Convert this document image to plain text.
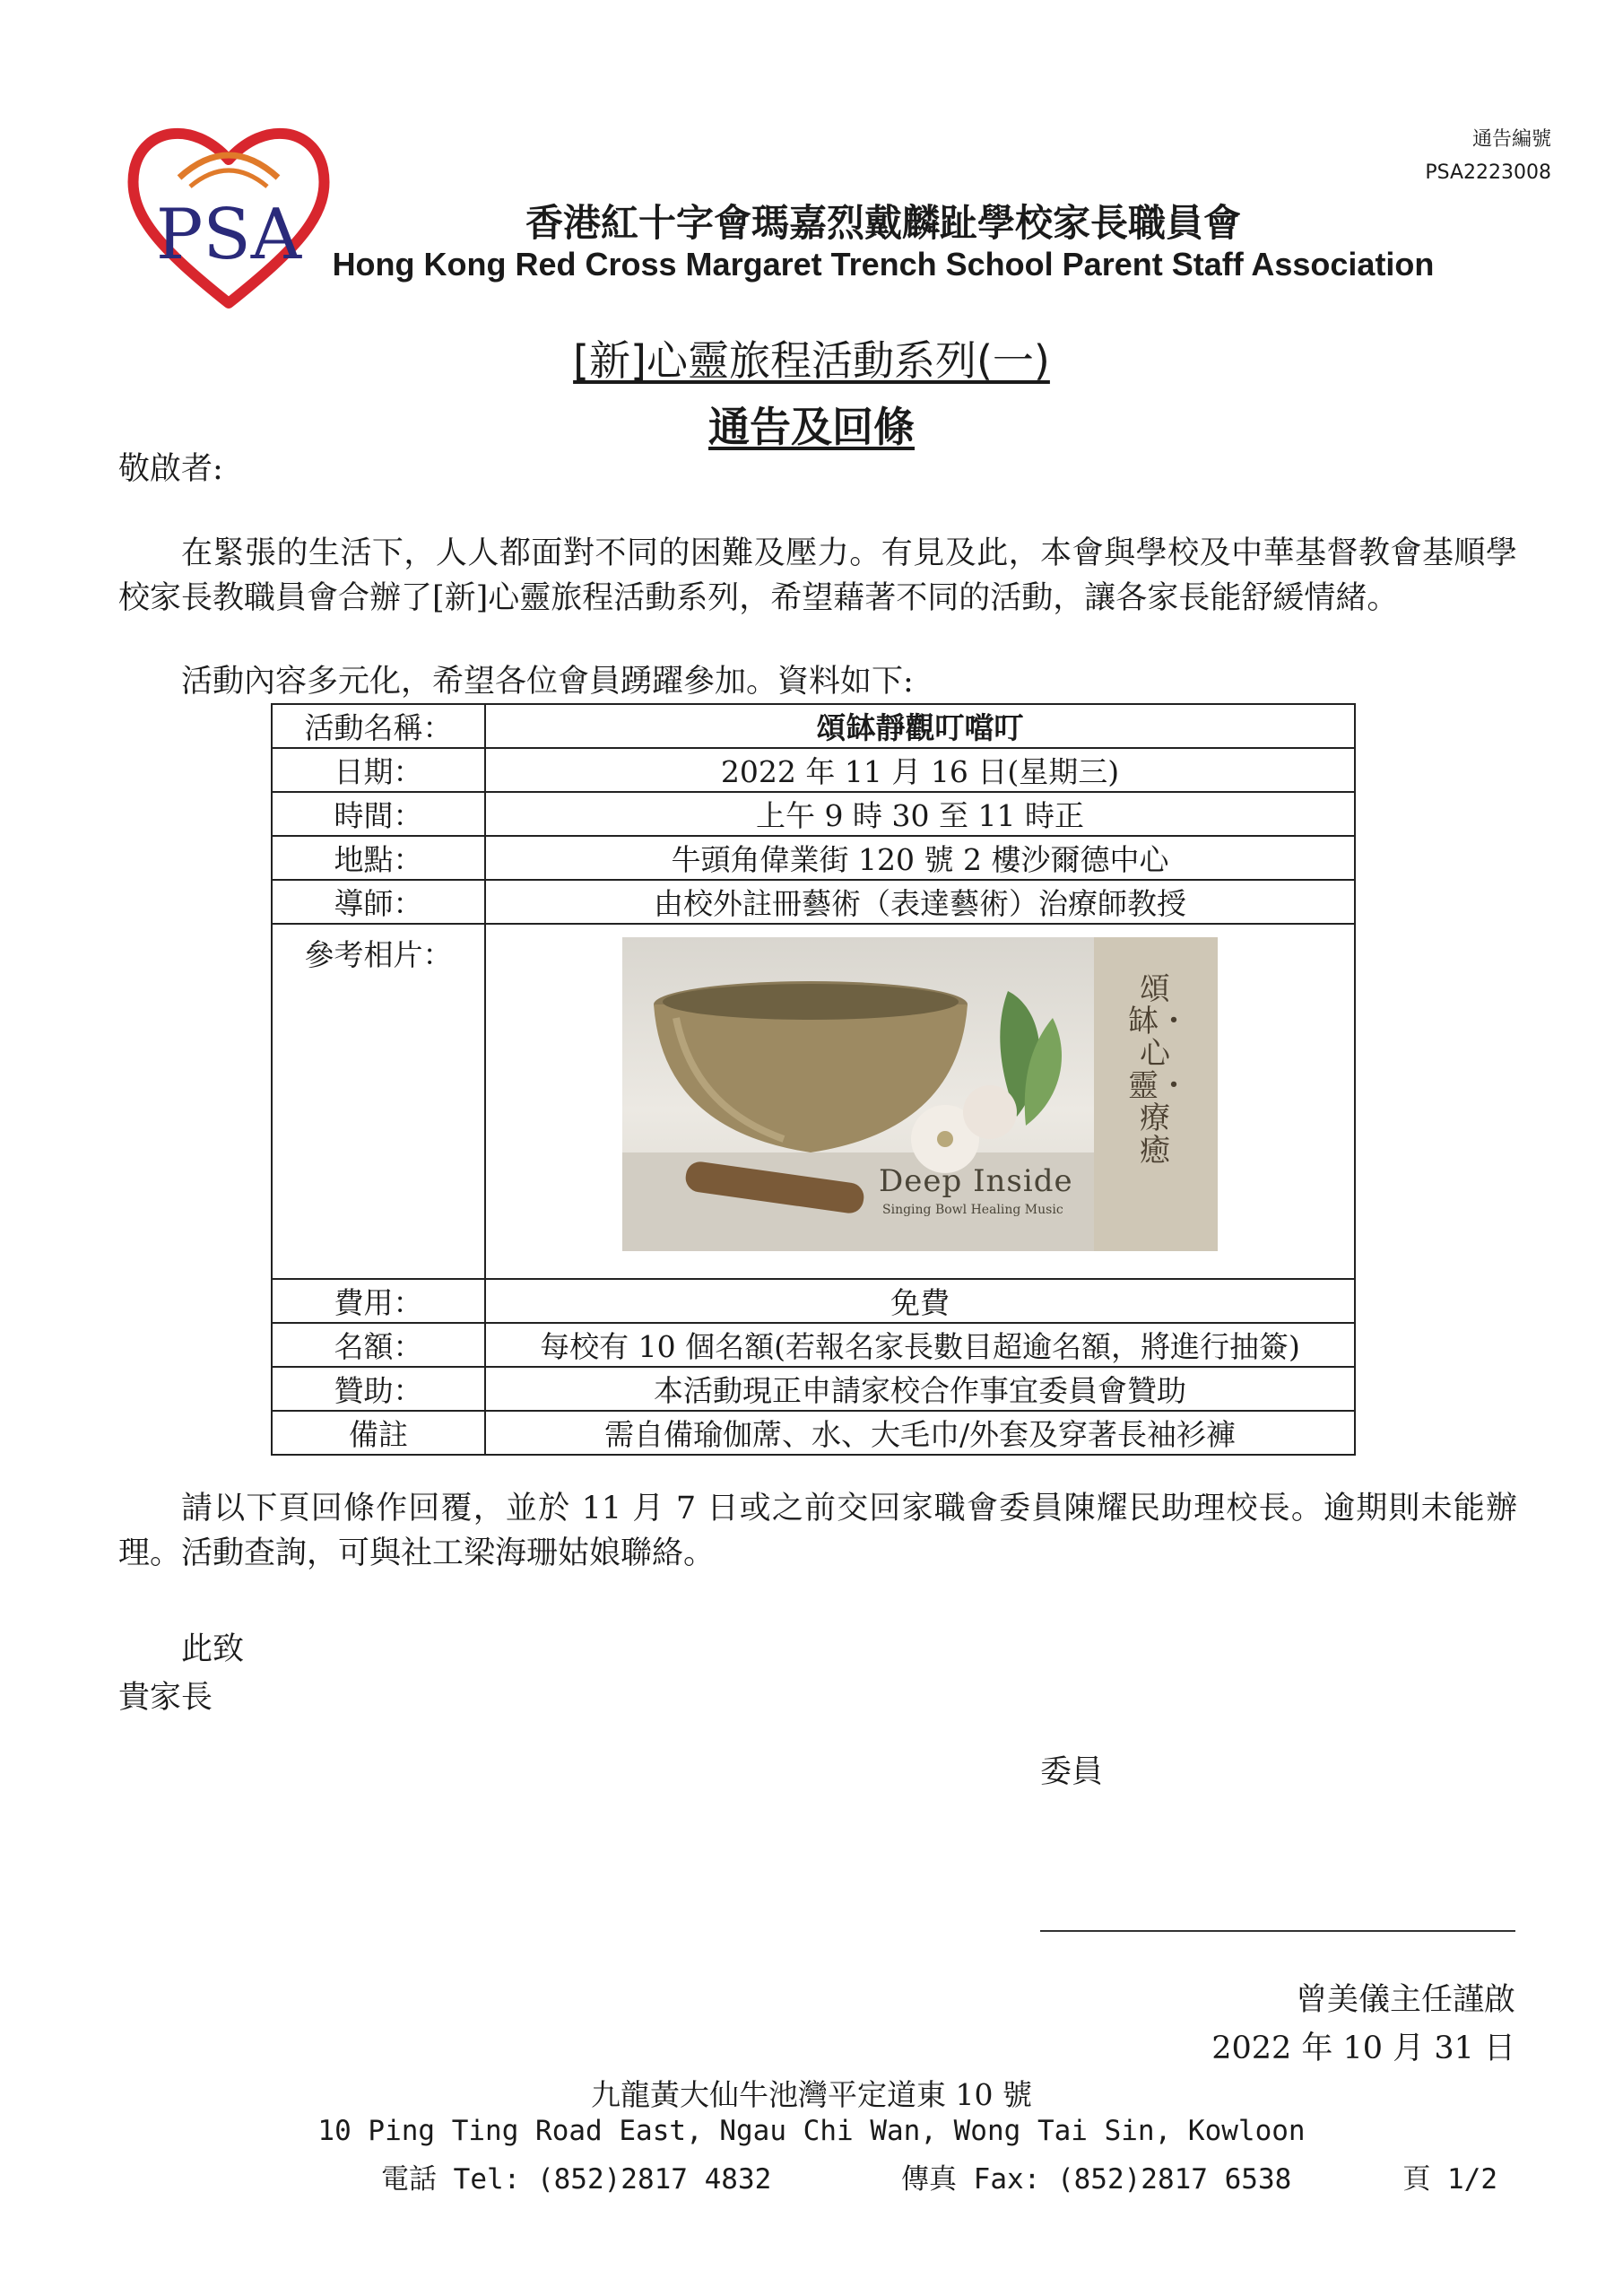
PSA
通告編號
PSA2223008
香港紅十字會瑪嘉烈戴麟趾學校家長職員會
Hong Kong Red Cross Margaret Trench School Parent Staff Association
[新]心靈旅程活動系列(一)
通告及回條
敬啟者:
在緊張的生活下，人人都面對不同的困難及壓力。有見及此，本會與學校及中華基督教會基順學校家長教職員會合辦了[新]心靈旅程活動系列，希望藉著不同的活動，讓各家長能舒緩情緒。
活動內容多元化，希望各位會員踴躍參加。資料如下:
活動名稱：	頌缽靜觀叮噹叮
日期：	2022 年 11 月 16 日(星期三)
時間：	上午 9 時 30 至 11 時正
地點：	牛頭角偉業街 120 號 2 樓沙爾德中心
導師：	由校外註冊藝術（表達藝術）治療師教授
參考相片：	頌缽・心靈・療癒
Deep Inside
Singing Bowl Healing Music

費用：	免費
名額：	每校有 10 個名額(若報名家長數目超逾名額，將進行抽簽)
贊助：	本活動現正申請家校合作事宜委員會贊助
備註	需自備瑜伽蓆、水、大毛巾/外套及穿著長袖衫褲
請以下頁回條作回覆，並於 11 月 7 日或之前交回家職會委員陳耀民助理校長。逾期則未能辦理。活動查詢，可與社工梁海珊姑娘聯絡。
此致
貴家長
委員
曾美儀主任謹啟
2022 年 10 月 31 日
九龍黃大仙牛池灣平定道東 10 號
10 Ping Ting Road East, Ngau Chi Wan, Wong Tai Sin, Kowloon
電話 Tel: (852)2817 4832	傳真 Fax: (852)2817 6538	頁 1/2
